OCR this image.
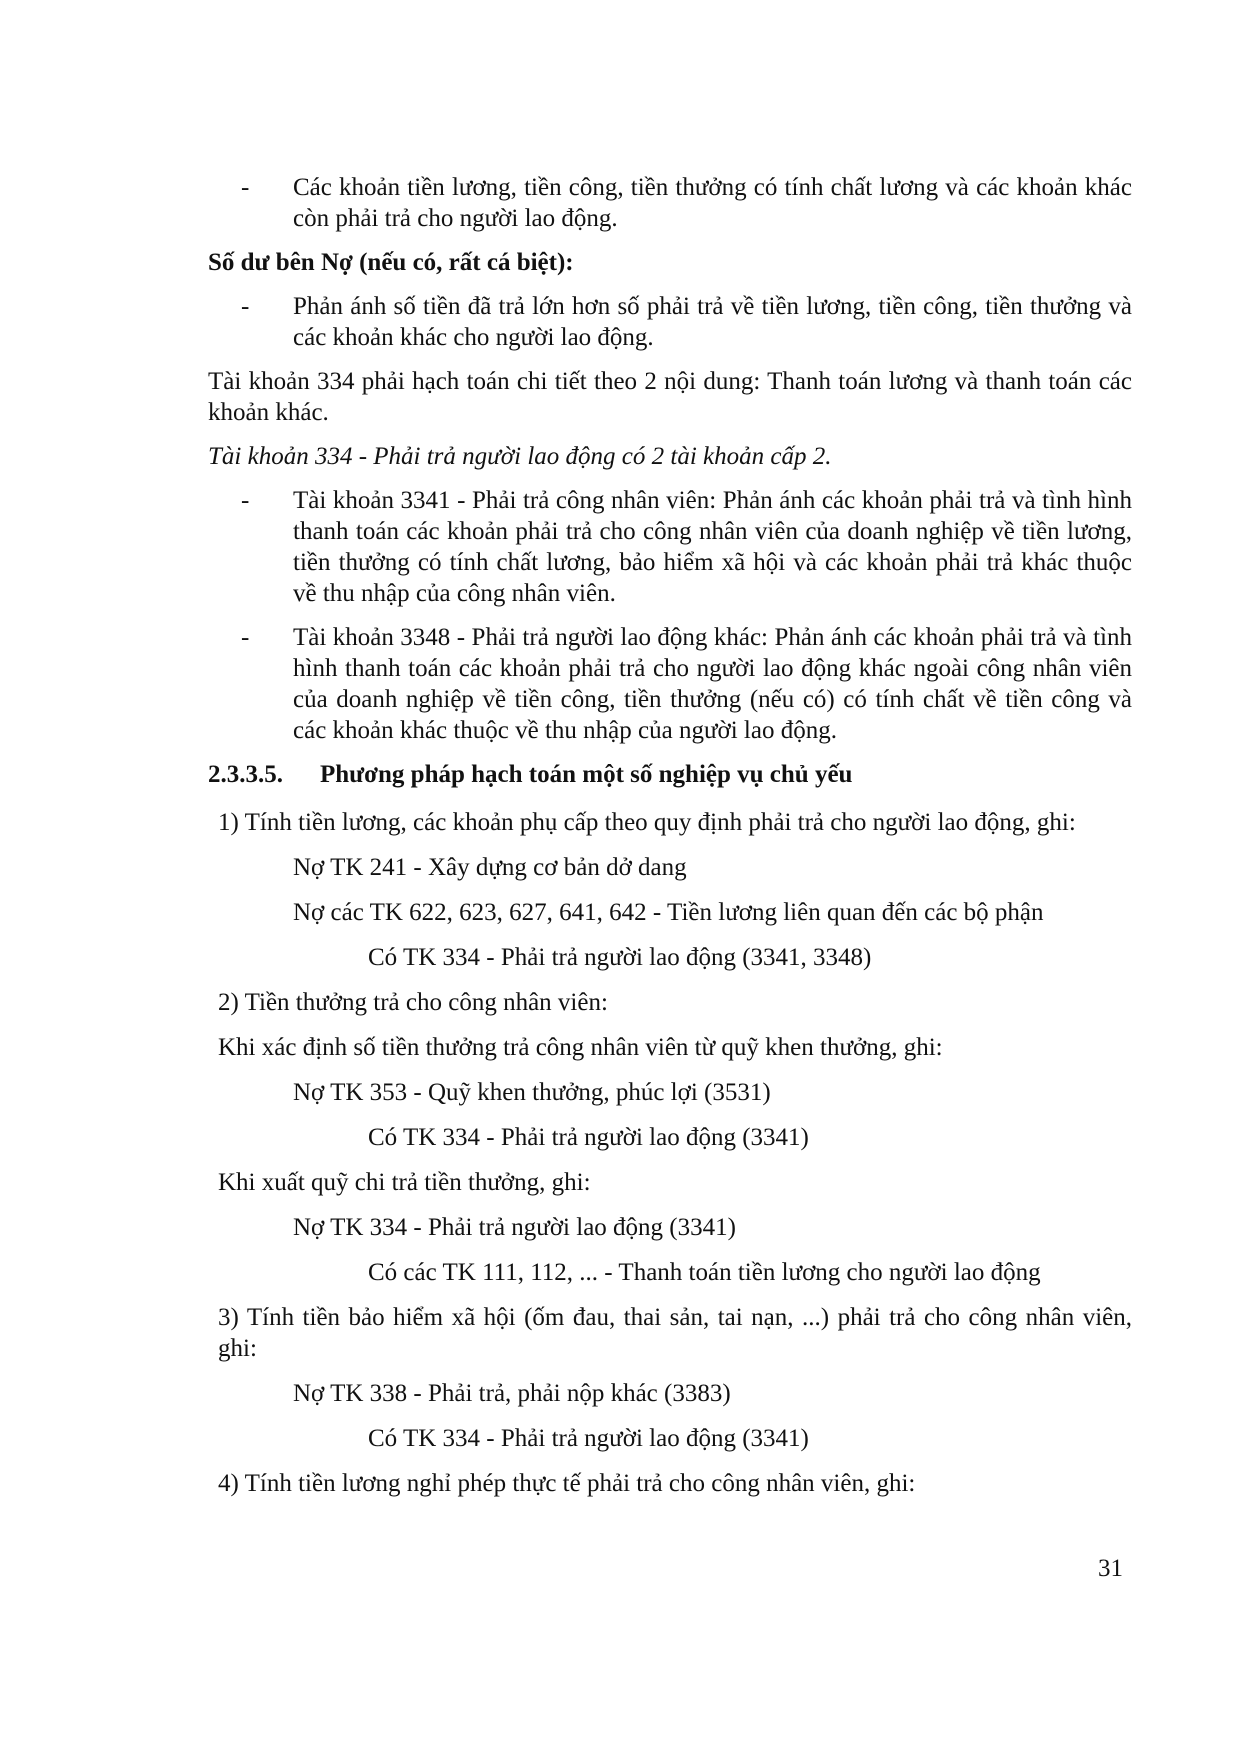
-	Các khoản tiền lương, tiền công, tiền thưởng có tính chất lương và các khoản khác còn phải trả cho người lao động.

Số dư bên Nợ (nếu có, rất cá biệt):

-	Phản ánh số tiền đã trả lớn hơn số phải trả về tiền lương, tiền công, tiền thưởng và các khoản khác cho người lao động.

Tài khoản 334 phải hạch toán chi tiết theo 2 nội dung: Thanh toán lương và thanh toán các khoản khác.

Tài khoản 334 - Phải trả người lao động có 2 tài khoản cấp 2.

-	Tài khoản 3341 - Phải trả công nhân viên: Phản ánh các khoản phải trả và tình hình thanh toán các khoản phải trả cho công nhân viên của doanh nghiệp về tiền lương, tiền thưởng có tính chất lương, bảo hiểm xã hội và các khoản phải trả khác thuộc về thu nhập của công nhân viên.
-	Tài khoản 3348 - Phải trả người lao động khác: Phản ánh các khoản phải trả và tình hình thanh toán các khoản phải trả cho người lao động khác ngoài công nhân viên của doanh nghiệp về tiền công, tiền thưởng (nếu có) có tính chất về tiền công và các khoản khác thuộc về thu nhập của người lao động.
2.3.3.5.	Phương pháp hạch toán một số nghiệp vụ chủ yếu

1) Tính tiền lương, các khoản phụ cấp theo quy định phải trả cho người lao động, ghi:

Nợ TK 241 - Xây dựng cơ bản dở dang

Nợ các TK 622, 623, 627, 641, 642 - Tiền lương liên quan đến các bộ phận

Có TK 334 - Phải trả người lao động (3341, 3348)

2) Tiền thưởng trả cho công nhân viên:

Khi xác định số tiền thưởng trả công nhân viên từ quỹ khen thưởng, ghi:

Nợ TK 353 - Quỹ khen thưởng, phúc lợi (3531)

Có TK 334 - Phải trả người lao động (3341)

Khi xuất quỹ chi trả tiền thưởng, ghi:

Nợ TK 334 - Phải trả người lao động (3341)

Có các TK 111, 112, ... - Thanh toán tiền lương cho người lao động

3) Tính tiền bảo hiểm xã hội (ốm đau, thai sản, tai nạn, ...) phải trả cho công nhân viên, ghi:

Nợ TK 338 - Phải trả, phải nộp khác (3383)

Có TK 334 - Phải trả người lao động (3341)

4) Tính tiền lương nghỉ phép thực tế phải trả cho công nhân viên, ghi:

31
